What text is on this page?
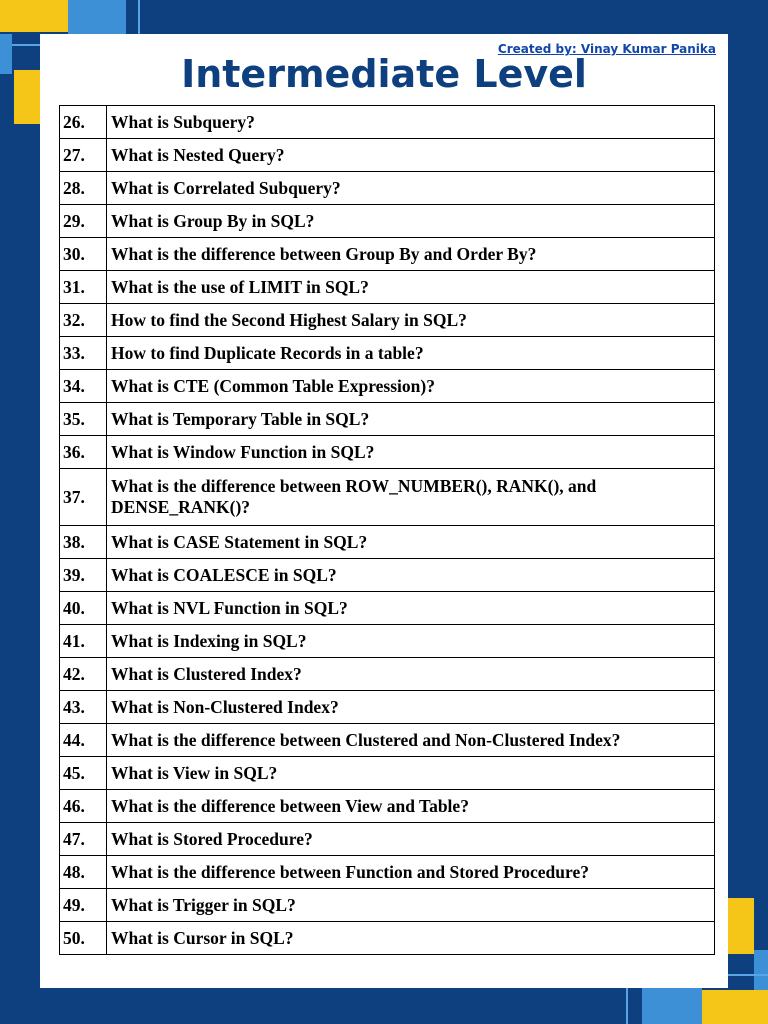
Created by: Vinay Kumar Panika
Intermediate Level
26.	What is Subquery?
27.	What is Nested Query?
28.	What is Correlated Subquery?
29.	What is Group By in SQL?
30.	What is the difference between Group By and Order By?
31.	What is the use of LIMIT in SQL?
32.	How to find the Second Highest Salary in SQL?
33.	How to find Duplicate Records in a table?
34.	What is CTE (Common Table Expression)?
35.	What is Temporary Table in SQL?
36.	What is Window Function in SQL?
37.	What is the difference between ROW_NUMBER(), RANK(), and DENSE_RANK()?
38.	What is CASE Statement in SQL?
39.	What is COALESCE in SQL?
40.	What is NVL Function in SQL?
41.	What is Indexing in SQL?
42.	What is Clustered Index?
43.	What is Non-Clustered Index?
44.	What is the difference between Clustered and Non-Clustered Index?
45.	What is View in SQL?
46.	What is the difference between View and Table?
47.	What is Stored Procedure?
48.	What is the difference between Function and Stored Procedure?
49.	What is Trigger in SQL?
50.	What is Cursor in SQL?
